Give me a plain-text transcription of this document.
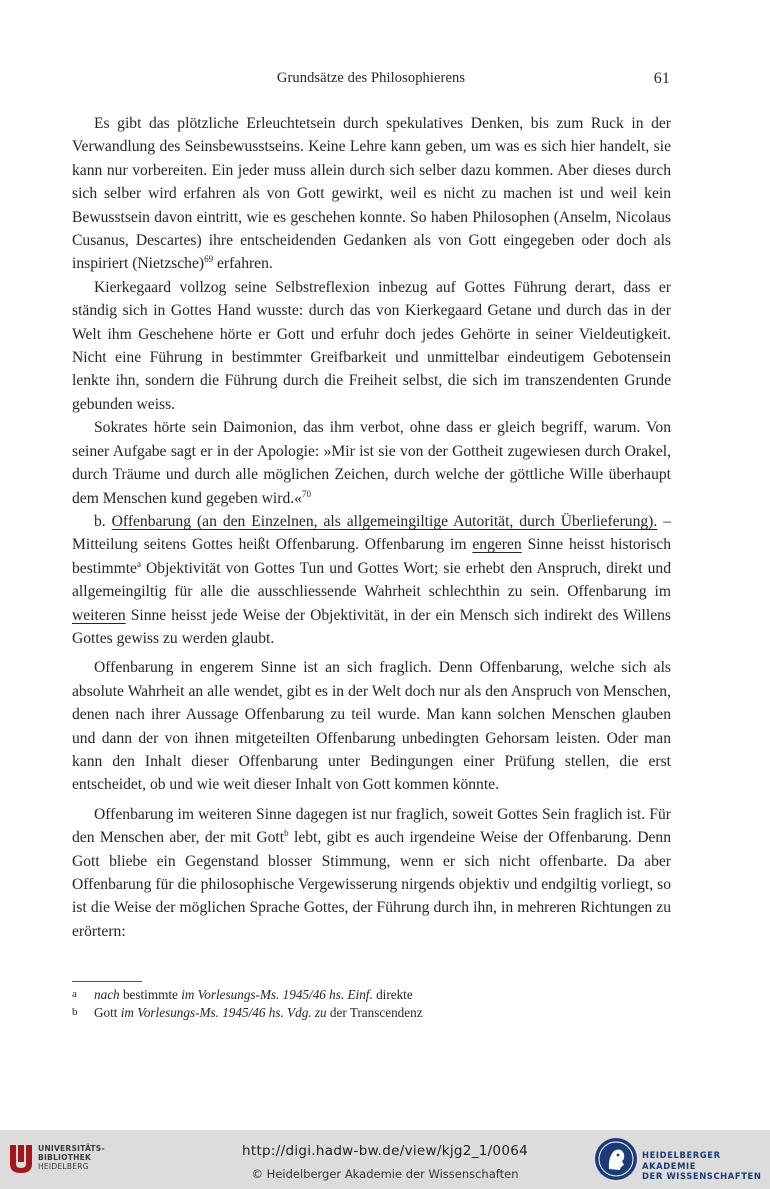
Grundsätze des Philosophierens	61

Es gibt das plötzliche Erleuchtetsein durch spekulatives Denken, bis zum Ruck in der Verwandlung des Seinsbewusstseins. Keine Lehre kann geben, um was es sich hier handelt, sie kann nur vorbereiten. Ein jeder muss allein durch sich selber dazu kommen. Aber dieses durch sich selber wird erfahren als von Gott gewirkt, weil es nicht zu machen ist und weil kein Bewusstsein davon eintritt, wie es geschehen konnte. So haben Philosophen (Anselm, Nicolaus Cusanus, Descartes) ihre entscheidenden Gedanken als von Gott eingegeben oder doch als inspiriert (Nietzsche)$^{69}$ erfahren.

Kierkegaard vollzog seine Selbstreflexion inbezug auf Gottes Führung derart, dass er ständig sich in Gottes Hand wusste: durch das von Kierkegaard Getane und durch das in der Welt ihm Geschehene hörte er Gott und erfuhr doch jedes Gehörte in seiner Vieldeutigkeit. Nicht eine Führung in bestimmter Greifbarkeit und unmittelbar eindeutigem Gebotensein lenkte ihn, sondern die Führung durch die Freiheit selbst, die sich im transzendenten Grunde gebunden weiss.

Sokrates hörte sein Daimonion, das ihm verbot, ohne dass er gleich begriff, warum. Von seiner Aufgabe sagt er in der Apologie: »Mir ist sie von der Gottheit zugewiesen durch Orakel, durch Träume und durch alle möglichen Zeichen, durch welche der göttliche Wille überhaupt dem Menschen kund gegeben wird.«$^{70}$

b. Offenbarung (an den Einzelnen, als allgemeingiltige Autorität, durch Überlieferung). – Mitteilung seitens Gottes heißt Offenbarung. Offenbarung im engeren Sinne heisst historisch bestimmte$^a$ Objektivität von Gottes Tun und Gottes Wort; sie erhebt den Anspruch, direkt und allgemeingiltig für alle die ausschliessende Wahrheit schlechthin zu sein. Offenbarung im weiteren Sinne heisst jede Weise der Objektivität, in der ein Mensch sich indirekt des Willens Gottes gewiss zu werden glaubt.

Offenbarung in engerem Sinne ist an sich fraglich. Denn Offenbarung, welche sich als absolute Wahrheit an alle wendet, gibt es in der Welt doch nur als den Anspruch von Menschen, denen nach ihrer Aussage Offenbarung zu teil wurde. Man kann solchen Menschen glauben und dann der von ihnen mitgeteilten Offenbarung unbedingten Gehorsam leisten. Oder man kann den Inhalt dieser Offenbarung unter Bedingungen einer Prüfung stellen, die erst entscheidet, ob und wie weit dieser Inhalt von Gott kommen könnte.

Offenbarung im weiteren Sinne dagegen ist nur fraglich, soweit Gottes Sein fraglich ist. Für den Menschen aber, der mit Gott$^b$ lebt, gibt es auch irgendeine Weise der Offenbarung. Denn Gott bliebe ein Gegenstand blosser Stimmung, wenn er sich nicht offenbarte. Da aber Offenbarung für die philosophische Vergewisserung nirgends objektiv und endgiltig vorliegt, so ist die Weise der möglichen Sprache Gottes, der Führung durch ihn, in mehreren Richtungen zu erörtern:

a nach bestimmte im Vorlesungs-Ms. 1945/46 hs. Einf. direkte
b Gott im Vorlesungs-Ms. 1945/46 hs. Vdg. zu der Transcendenz
UNIVERSITÄTS-
BIBLIOTHEK
HEIDELBERG
http://digi.hadw-bw.de/view/kjg2_1/0064
© Heidelberger Akademie der Wissenschaften
HEIDELBERGER AKADEMIE
DER WISSENSCHAFTEN
